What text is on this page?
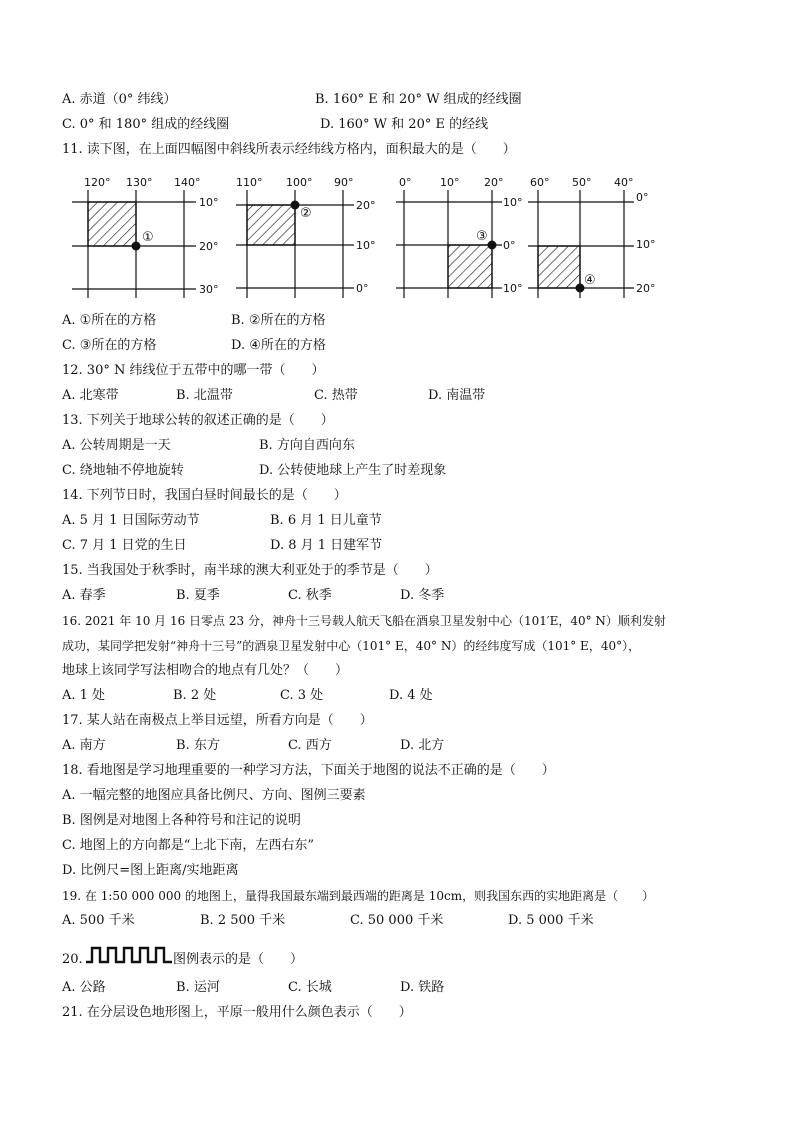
A. 赤道（0° 纬线）	B. 160° E 和 20° W 组成的经线圈
C. 0° 和 180° 组成的经线圈	D. 160° W 和 20° E 的经线
11. 读下图，在上面四幅图中斜线所表示经纬线方格内，面积最大的是（　　）
120° 130° 140°
10°
20°
30°
①
110° 100° 90°
20°
10°
0°
②
0°	10° 20°
10°
0°
10°
③
60° 50° 40°
0°
10°
20°
④
A. ①所在的方格	B. ②所在的方格
C. ③所在的方格	D. ④所在的方格
12. 30° N 纬线位于五带中的哪一带（　　）
A. 北寒带	B. 北温带	C. 热带	D. 南温带
13. 下列关于地球公转的叙述正确的是（　　）
A. 公转周期是一天	B. 方向自西向东
C. 绕地轴不停地旋转	D. 公转使地球上产生了时差现象
14. 下列节日时，我国白昼时间最长的是（　　）
A. 5 月 1 日国际劳动节	B. 6 月 1 日儿童节
C. 7 月 1 日党的生日	D. 8 月 1 日建军节
15. 当我国处于秋季时，南半球的澳大利亚处于的季节是（　　）
A. 春季	B. 夏季	C. 秋季	D. 冬季
16. 2021 年 10 月 16 日零点 23 分，神舟十三号载人航天飞船在酒泉卫星发射中心（101′E，40° N）顺利发射
成功，某同学把发射“神舟十三号”的酒泉卫星发射中心（101° E，40° N）的经纬度写成（101° E，40°），
地球上该同学写法相吻合的地点有几处？（　　）
A. 1 处	B. 2 处	C. 3 处	D. 4 处
17. 某人站在南极点上举目远望，所看方向是（　　）
A. 南方	B. 东方	C. 西方	D. 北方
18. 看地图是学习地理重要的一种学习方法，下面关于地图的说法不正确的是（　　）
A. 一幅完整的地图应具备比例尺、方向、图例三要素
B. 图例是对地图上各种符号和注记的说明
C. 地图上的方向都是“上北下南，左西右东”
D. 比例尺=图上距离/实地距离
19. 在 1:50 000 000 的地图上，量得我国最东端到最西端的距离是 10cm，则我国东西的实地距离是（　　）
A. 500 千米	B. 2 500 千米	C. 50 000 千米	D. 5 000 千米
20.	图例表示的是（　　）
A. 公路	B. 运河	C. 长城	D. 铁路
21. 在分层设色地形图上，平原一般用什么颜色表示（　　）
